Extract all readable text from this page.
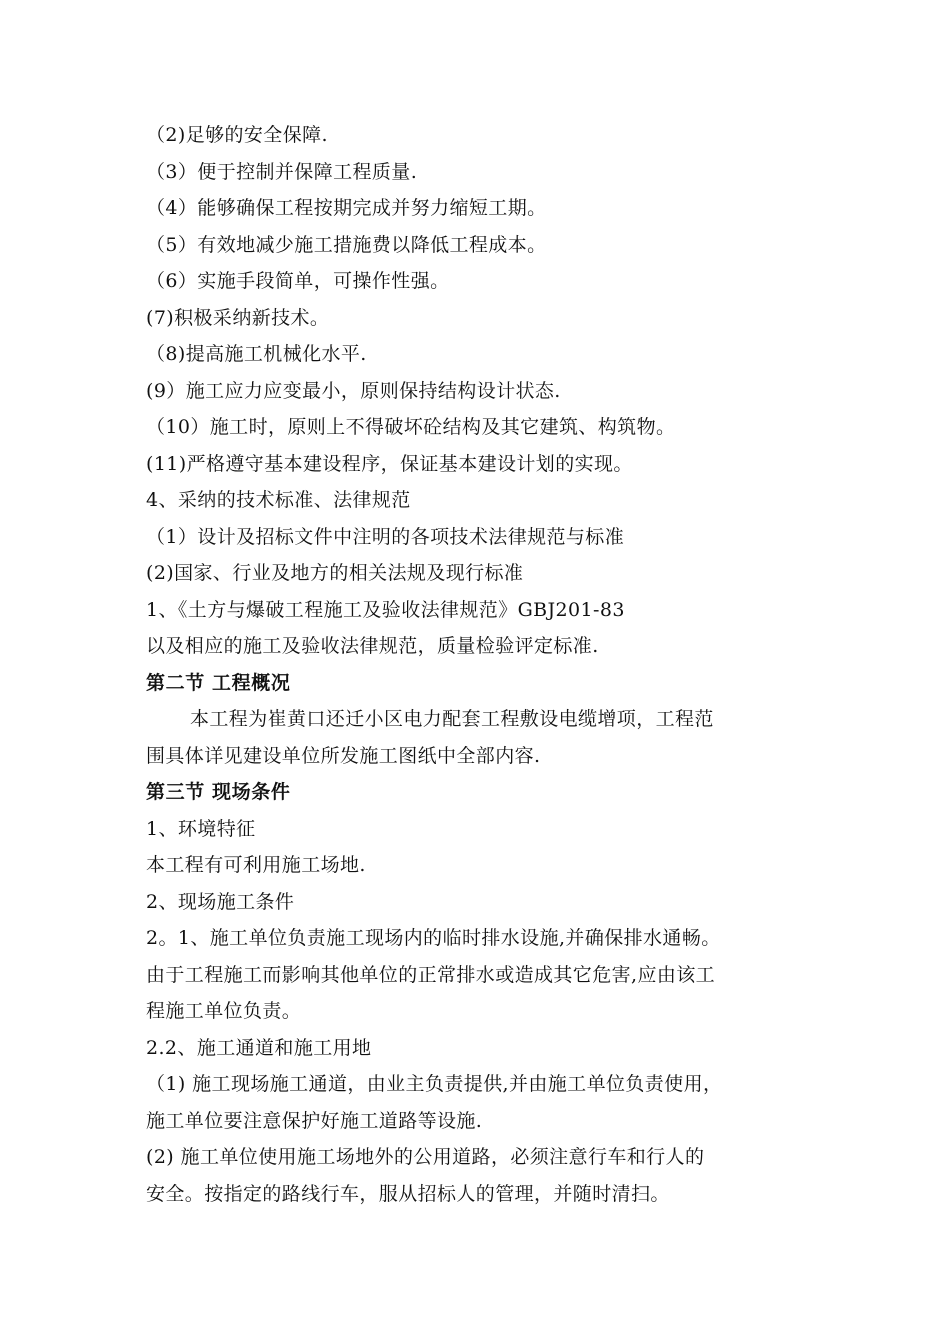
（2)足够的安全保障.
（3）便于控制并保障工程质量.
（4）能够确保工程按期完成并努力缩短工期。
（5）有效地减少施工措施费以降低工程成本。
（6）实施手段简单，可操作性强。
(7)积极采纳新技术。
（8)提高施工机械化水平.
(9）施工应力应变最小，原则保持结构设计状态.
（10）施工时，原则上不得破坏砼结构及其它建筑、构筑物。
(11)严格遵守基本建设程序，保证基本建设计划的实现。
4、采纳的技术标准、法律规范
（1）设计及招标文件中注明的各项技术法律规范与标准
(2)国家、行业及地方的相关法规及现行标准
1、《土方与爆破工程施工及验收法律规范》GBJ201-83
以及相应的施工及验收法律规范，质量检验评定标准.
第二节 工程概况
本工程为崔黄口还迁小区电力配套工程敷设电缆增项，工程范
围具体详见建设单位所发施工图纸中全部内容.
第三节 现场条件
1、环境特征
本工程有可利用施工场地.
2、现场施工条件
2。1、施工单位负责施工现场内的临时排水设施,并确保排水通畅。
由于工程施工而影响其他单位的正常排水或造成其它危害,应由该工
程施工单位负责。
2.2、施工通道和施工用地
（1) 施工现场施工通道，由业主负责提供,并由施工单位负责使用，
施工单位要注意保护好施工道路等设施.
(2) 施工单位使用施工场地外的公用道路，必须注意行车和行人的
安全。按指定的路线行车，服从招标人的管理，并随时清扫。
